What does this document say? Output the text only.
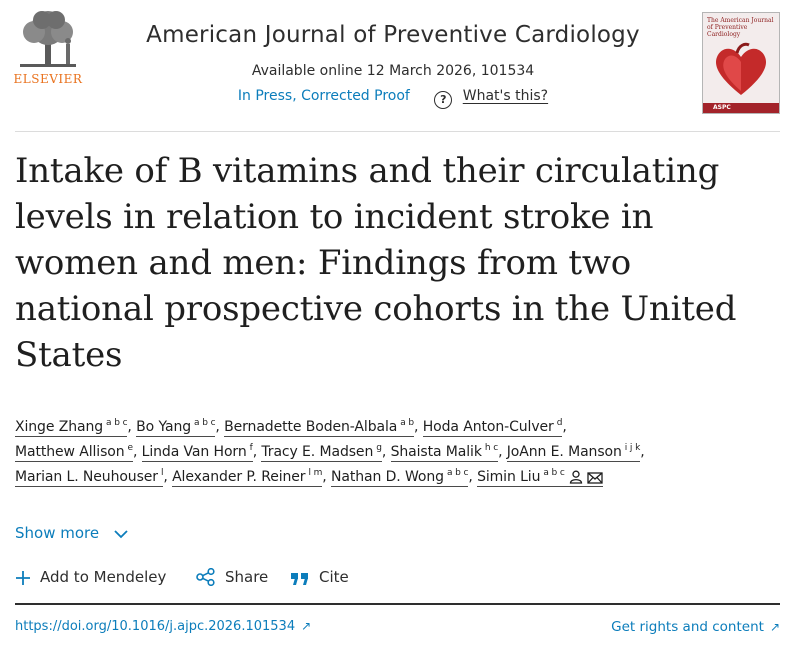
ELSEVIER
American Journal of Preventive Cardiology
Available online 12 March 2026, 101534
In Press, Corrected Proof	? What's this?
The American Journal of Preventive Cardiology
ASPC
Intake of B vitamins and their circulating levels in relation to incident stroke in women and men: Findings from two national prospective cohorts in the United States
Xinge Zhang $^{a b c}$, Bo Yang $^{a b c}$, Bernadette Boden-Albala $^{a b}$, Hoda Anton-Culver $^d$,
Matthew Allison $^e$, Linda Van Horn $^f$, Tracy E. Madsen $^g$, Shaista Malik $^{h c}$, JoAnn E. Manson $^{i j k}$,
Marian L. Neuhouser $^l$, Alexander P. Reiner $^{l m}$, Nathan D. Wong $^{a b c}$, Simin Liu $^{a b c}$
Show more
Add to Mendeley	Share	Cite
https://doi.org/10.1016/j.ajpc.2026.101534 ↗	Get rights and content ↗
